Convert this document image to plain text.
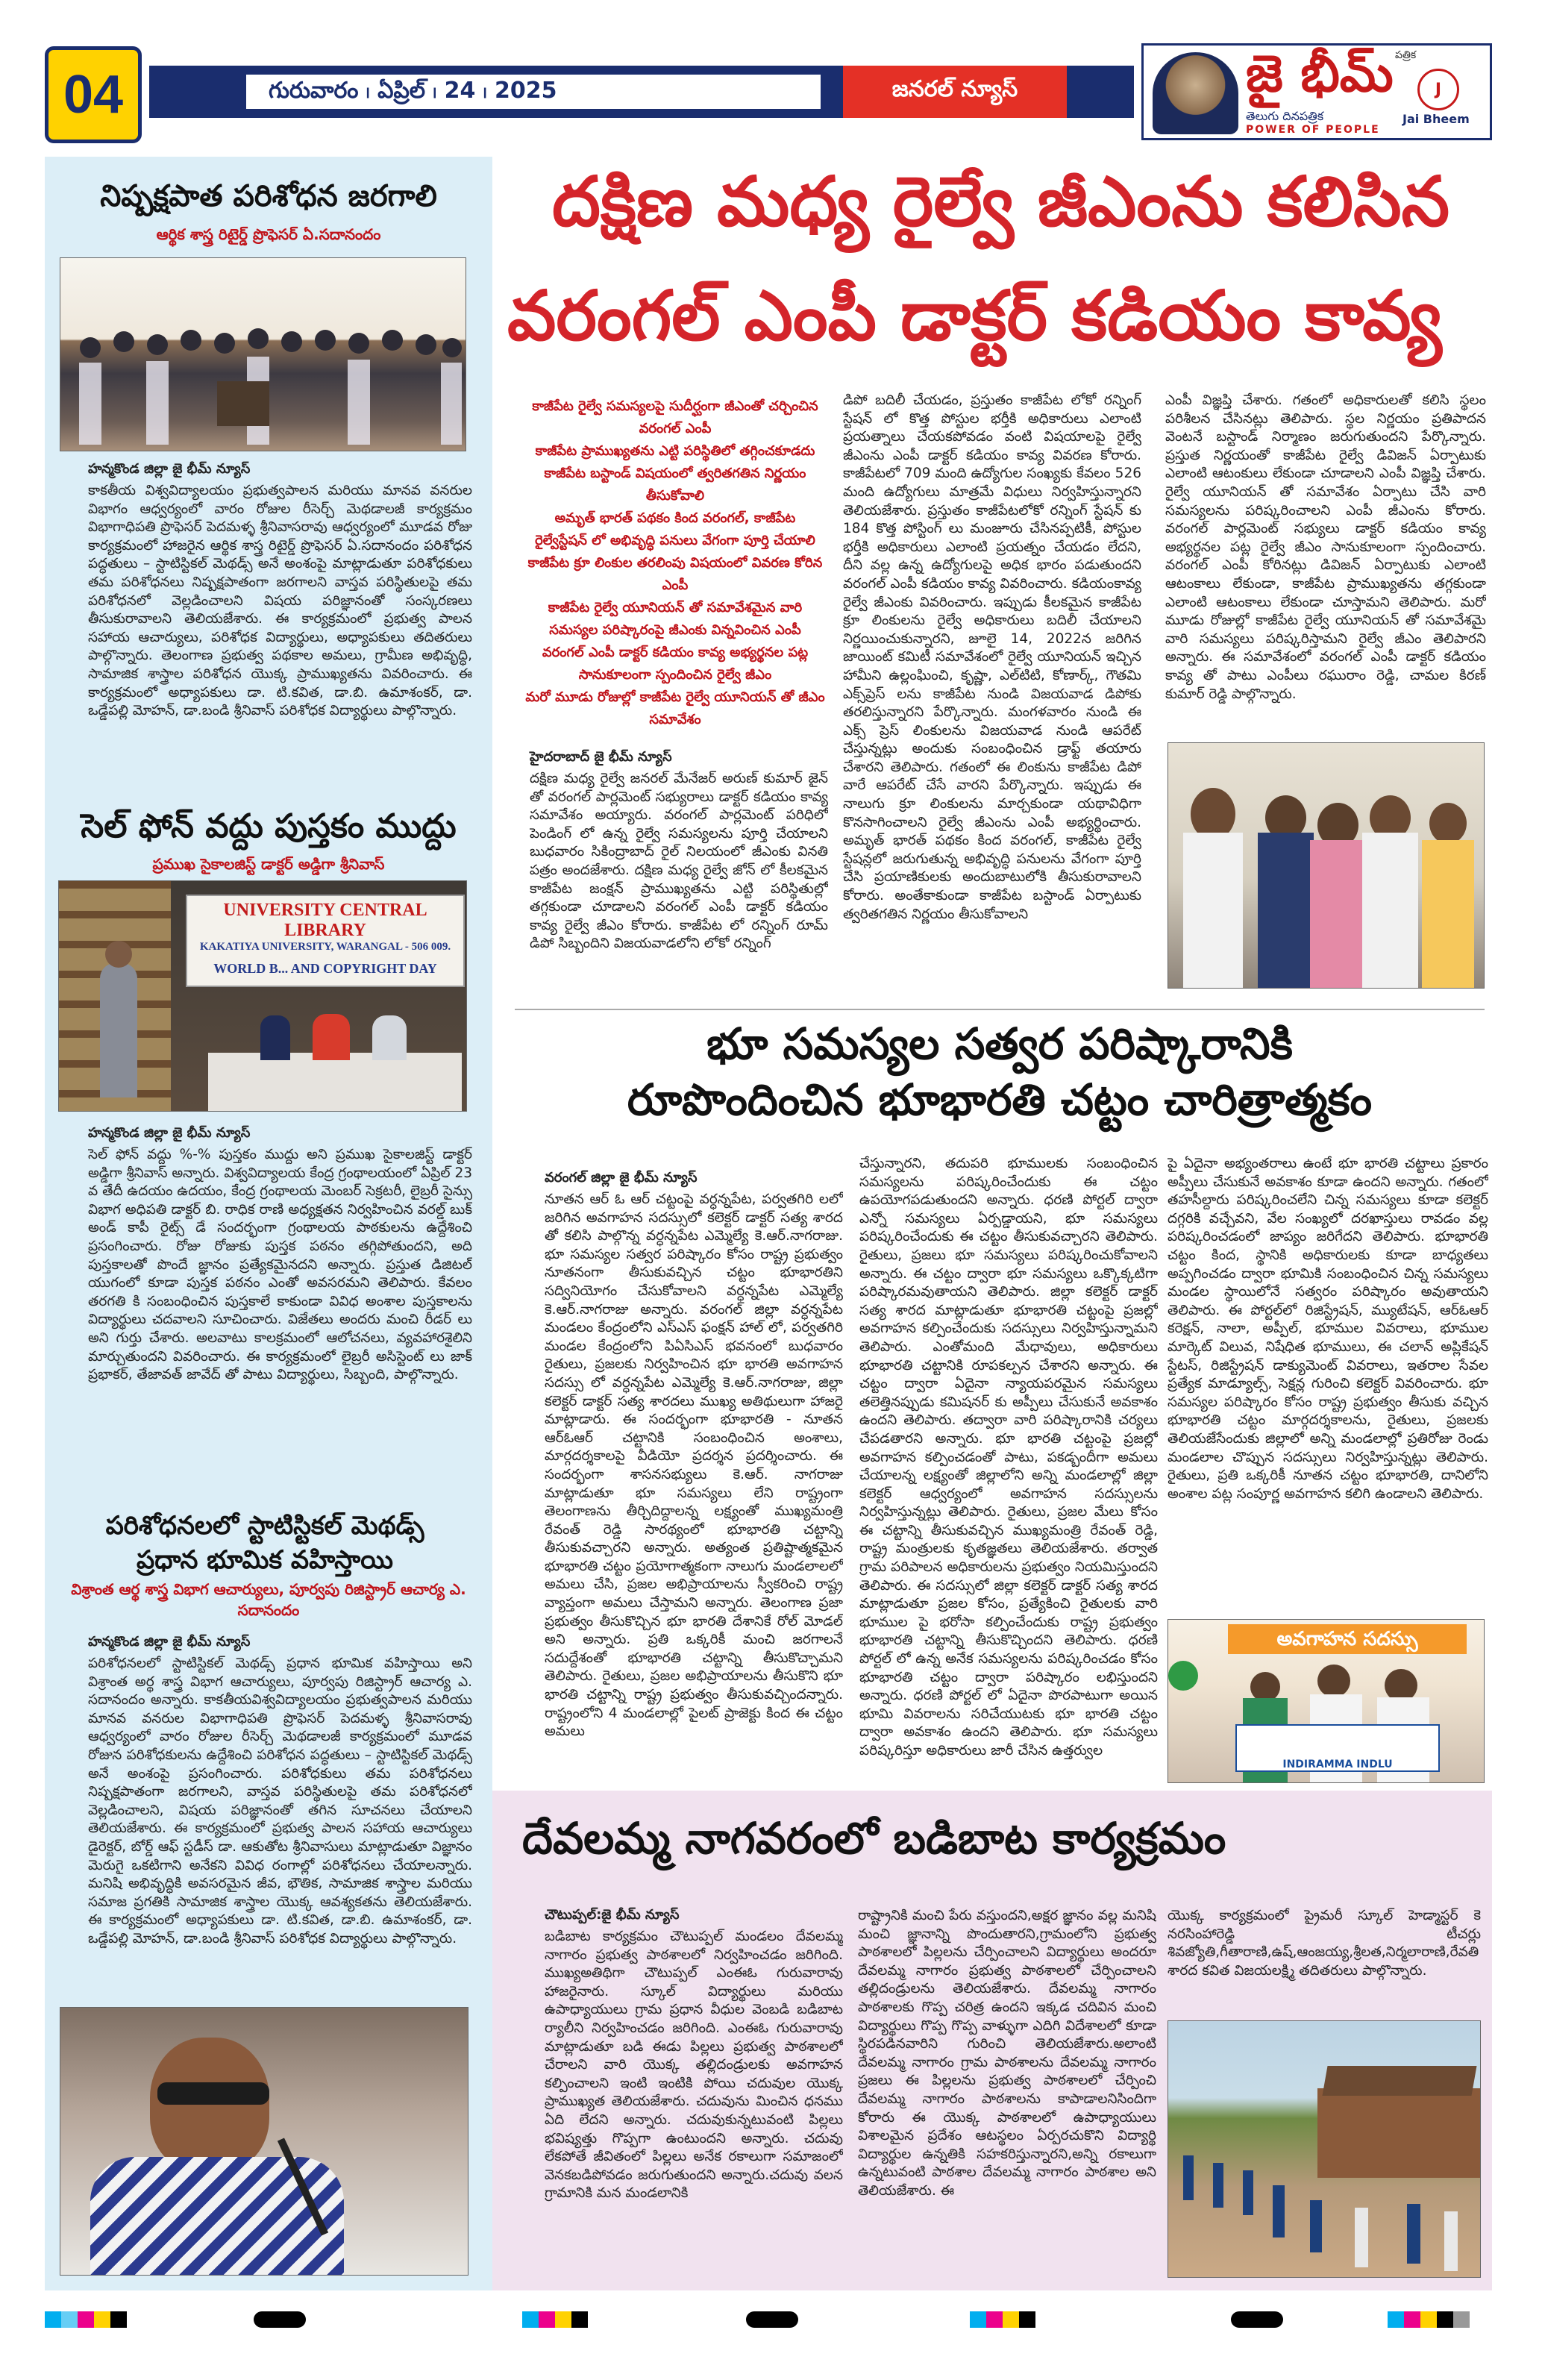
04	గురువారం ၊ ఏప్రిల్ ၊ 24 ၊ 2025	జనరల్ న్యూస్	జై భీమ్ పత్రిక
తెలుగు దినపత్రిక
POWER OF PEOPLE
J
Jai Bheem
నిష్పక్షపాత పరిశోధన జరగాలి
ఆర్థిక శాస్త్ర రిటైర్డ్ ప్రొఫెసర్ ఏ.సదానందం
హన్మకొండ జిల్లా జై భీమ్ న్యూస్
కాకతీయ విశ్వవిద్యాలయం ప్రభుత్వపాలన మరియు మానవ వనరుల విభాగం ఆధ్వర్యంలో వారం రోజుల రీసెర్చ్ మెథడాలజీ కార్యక్రమం విభాగాధిపతి ప్రొఫెసర్ పెదమళ్ళ శ్రీనివాసరావు ఆధ్వర్యంలో మూడవ రోజు కార్యక్రమంలో హాజరైన ఆర్థిక శాస్త్ర రిటైర్డ్ ప్రొఫెసర్ ఏ.సదానందం పరిశోధన పద్ధతులు – స్టాటిస్టికల్ మెథడ్స్ అనే అంశంపై మాట్లాడుతూ పరిశోధకులు తమ పరిశోధనలు నిష్పక్షపాతంగా జరగాలని వాస్తవ పరిస్థితులపై తమ పరిశోధనలో వెల్లడించాలని విషయ పరిజ్ఞానంతో సంస్కరణలు తీసుకురావాలని తెలియజేశారు. ఈ కార్యక్రమంలో ప్రభుత్వ పాలన సహాయ ఆచార్యులు, పరిశోధక విద్యార్థులు, అధ్యాపకులు తదితరులు పాల్గొన్నారు. తెలంగాణ ప్రభుత్వ పథకాల అమలు, గ్రామీణ అభివృద్ధి, సామాజిక శాస్త్రాల పరిశోధన యొక్క ప్రాముఖ్యతను వివరించారు. ఈ కార్యక్రమంలో అధ్యాపకులు డా. టి.కవిత, డా.బి. ఉమాశంకర్, డా. ఒడ్డేపల్లి మోహన్, డా.బండి శ్రీనివాస్ పరిశోధక విద్యార్థులు పాల్గొన్నారు.
సెల్ ఫోన్ వద్దు పుస్తకం ముద్దు
ప్రముఖ సైకాలజిస్ట్ డాక్టర్ అడ్డిగా శ్రీనివాస్
UNIVERSITY CENTRAL LIBRARY
KAKATIYA UNIVERSITY, WARANGAL - 506 009.
WORLD B... AND COPYRIGHT DAY
హన్మకొండ జిల్లా జై భీమ్ న్యూస్
సెల్ ఫోన్ వద్దు %-% పుస్తకం ముద్దు అని ప్రముఖ సైకాలజిస్ట్ డాక్టర్ అడ్డిగా శ్రీనివాస్ అన్నారు. విశ్వవిద్యాలయ కేంద్ర గ్రంథాలయంలో ఏప్రిల్ 23 వ తేదీ ఉదయం ఉదయం, కేంద్ర గ్రంథాలయ మెంబర్ సెక్రటరీ, లైబ్రరీ సైన్సు విభాగ అధిపతి డాక్టర్ బి. రాధిక రాణి అధ్యక్షతన నిర్వహించిన వరల్డ్ బుక్ అండ్ కాపీ రైట్స్ డే సందర్భంగా గ్రంథాలయ పాఠకులను ఉద్దేశించి ప్రసంగించారు. రోజు రోజుకు పుస్తక పఠనం తగ్గిపోతుందని, అది పుస్తకాలతో పొందే జ్ఞానం ప్రత్యేకమైనదని అన్నారు. ప్రస్తుత డిజిటల్ యుగంలో కూడా పుస్తక పఠనం ఎంతో అవసరమని తెలిపారు. కేవలం తరగతి కి సంబంధించిన పుస్తకాలే కాకుండా వివిధ అంశాల పుస్తకాలను విద్యార్థులు చదవాలని సూచించారు. విజేతలు అందరు మంచి రీడర్ లు అని గుర్తు చేశారు. అలవాటు కాలక్రమంలో ఆలోచనలు, వ్యవహారశైలిని మార్చుతుందని వివరించారు. ఈ కార్యక్రమంలో లైబ్రరీ అసిస్టెంట్ లు జాక్ ప్రభాకర్, తేజావత్ జావేద్ తో పాటు విద్యార్థులు, సిబ్బంది, పాల్గొన్నారు.
పరిశోధనలలో స్టాటిస్టికల్ మెథడ్స్ ప్రధాన భూమిక వహిస్తాయి
విశ్రాంత ఆర్థ శాస్త్ర విభాగ ఆచార్యులు, పూర్వపు రిజిస్ట్రార్ ఆచార్య ఎ. సదానందం
హన్మకొండ జిల్లా జై భీమ్ న్యూస్
పరిశోధనలలో స్టాటిస్టికల్ మెథడ్స్ ప్రధాన భూమిక వహిస్తాయి అని విశ్రాంత అర్థ శాస్త్ర విభాగ ఆచార్యులు, పూర్వపు రిజిస్ట్రార్ ఆచార్య ఎ. సదానందం అన్నారు. కాకతీయవిశ్వవిద్యాలయం ప్రభుత్వపాలన మరియు మానవ వనరుల విభాగాధిపతి ప్రొఫెసర్ పెదమళ్ళ శ్రీనివాసరావు ఆధ్వర్యంలో వారం రోజుల రీసెర్చ్ మెథడాలజీ కార్యక్రమంలో మూడవ రోజున పరిశోధకులను ఉద్దేశించి పరిశోధన పద్ధతులు – స్టాటిస్టికల్ మెథడ్స్ అనే అంశంపై ప్రసంగించారు. పరిశోధకులు తమ పరిశోధనలు నిష్పక్షపాతంగా జరగాలని, వాస్తవ పరిస్థితులపై తమ పరిశోధనలో వెల్లడించాలని, విషయ పరిజ్ఞానంతో తగిన సూచనలు చేయాలని తెలియజేశారు. ఈ కార్యక్రమంలో ప్రభుత్వ పాలన సహాయ ఆచార్యులు డైరెక్టర్, బోర్డ్ ఆఫ్ స్టడీస్ డా. ఆకుతోట శ్రీనివాసులు మాట్లాడుతూ విజ్ఞానం మెరుగై ఒకటిగాని అనేకని వివిధ రంగాల్లో పరిశోధనలు చేయాలన్నారు. మనిషి అభివృద్ధికి అవసరమైన జీవ, భౌతిక, సామాజిక శాస్త్రాల మరియు సమాజ ప్రగతికి సామాజిక శాస్త్రాల యొక్క ఆవశ్యకతను తెలియజేశారు. ఈ కార్యక్రమంలో అధ్యాపకులు డా. టి.కవిత, డా.బి. ఉమాశంకర్, డా. ఒడ్డేపల్లి మోహన్, డా.బండి శ్రీనివాస్ పరిశోధక విద్యార్థులు పాల్గొన్నారు.
దక్షిణ మధ్య రైల్వే జీఎంను కలిసిన
వరంగల్ ఎంపీ డాక్టర్ కడియం కావ్య
కాజీపేట రైల్వే సమస్యలపై సుదీర్ఘంగా జీఎంతో చర్చించిన వరంగల్ ఎంపీ
కాజీపేట ప్రాముఖ్యతను ఎట్టి పరిస్థితిలో తగ్గించకూడదు
కాజీపేట బస్టాండ్ విషయంలో త్వరితగతిన నిర్ణయం తీసుకోవాలి
అమృత్ భారత్ పథకం కింద వరంగల్, కాజీపేట
రైల్వేస్టేషన్ లో అభివృద్ధి పనులు వేగంగా పూర్తి చేయాలి
కాజీపేట క్రూ లింకుల తరలింపు విషయంలో వివరణ కోరిన ఎంపీ
కాజీపేట రైల్వే యూనియన్ తో సమావేశమైన వారి సమస్యల పరిష్కారంపై జీఎంకు విన్నవించిన ఎంపీ
వరంగల్ ఎంపీ డాక్టర్ కడియం కావ్య అభ్యర్థనల పట్ల సానుకూలంగా స్పందించిన రైల్వే జీఎం
మరో మూడు రోజుల్లో కాజీపేట రైల్వే యూనియన్ తో జీఎం సమావేశం
హైదరాబాద్ జై భీమ్ న్యూస్
దక్షిణ మధ్య రైల్వే జనరల్ మేనేజర్ అరుణ్ కుమార్ జైన్ తో వరంగల్ పార్లమెంట్ సభ్యురాలు డాక్టర్ కడియం కావ్య సమావేశం అయ్యారు. వరంగల్ పార్లమెంట్ పరిధిలో పెండింగ్ లో ఉన్న రైల్వే సమస్యలను పూర్తి చేయాలని బుధవారం సికింద్రాబాద్ రైల్ నిలయంలో జీఎంకు వినతి పత్రం అందజేశారు. దక్షిణ మధ్య రైల్వే జోన్ లో కీలకమైన కాజీపేట జంక్షన్ ప్రాముఖ్యతను ఎట్టి పరిస్థితుల్లో తగ్గకుండా చూడాలని వరంగల్ ఎంపీ డాక్టర్ కడియం కావ్య రైల్వే జీఎం కోరారు. కాజీపేట లో రన్నింగ్ రూమ్ డిపో సిబ్బందిని విజయవాడలోని లోకో రన్నింగ్
డిపో బదిలీ చేయడం, ప్రస్తుతం కాజీపేట లోకో రన్నింగ్ స్టేషన్ లో కొత్త పోస్టుల భర్తీకి అధికారులు ఎలాంటి ప్రయత్నాలు చేయకపోవడం వంటి విషయాలపై రైల్వే జీఎంను ఎంపీ డాక్టర్ కడియం కావ్య వివరణ కోరారు. కాజీపేటలో 709 మంది ఉద్యోగుల సంఖ్యకు కేవలం 526 మంది ఉద్యోగులు మాత్రమే విధులు నిర్వహిస్తున్నారని తెలియజేశారు. ప్రస్తుతం కాజీపేటలోకో రన్నింగ్ స్టేషన్ కు 184 కొత్త పోస్టింగ్ లు మంజూరు చేసినప్పటికీ, పోస్టుల భర్తీకి అధికారులు ఎలాంటి ప్రయత్నం చేయడం లేదని, దీని వల్ల ఉన్న ఉద్యోగులపై అధిక భారం పడుతుందని వరంగల్ ఎంపీ కడియం కావ్య వివరించారు. కడియంకావ్య రైల్వే జీఎంకు వివరించారు. ఇప్పుడు కీలకమైన కాజీపేట క్రూ లింకులను రైల్వే అధికారులు బదిలీ చేయాలని నిర్ణయించుకున్నారని, జూలై 14, 2022న జరిగిన జాయింట్ కమిటీ సమావేశంలో రైల్వే యూనియన్ ఇచ్చిన హామీని ఉల్లంఘించి, కృష్ణా, ఎల్‌టిటి, కోణార్క్, గౌతమి ఎక్స్‌ప్రెస్ లను కాజీపేట నుండి విజయవాడ డిపోకు తరలిస్తున్నారని పేర్కొన్నారు. మంగళవారం నుండి ఈ ఎక్స్ ప్రెస్ లింకులను విజయవాడ నుండి ఆపరేట్ చేస్తున్నట్లు అందుకు సంబంధించిన డ్రాఫ్ట్ తయారు చేశారని తెలిపారు. గతంలో ఈ లింకును కాజీపేట డిపో వారే ఆపరేట్ చేసే వారని పేర్కొన్నారు. ఇప్పుడు ఈ నాలుగు క్రూ లింకులను మార్చకుండా యథావిధిగా కొనసాగించాలని రైల్వే జీఎంను ఎంపీ అభ్యర్థించారు. అమృత్ భారత్ పథకం కింద వరంగల్, కాజీపేట రైల్వే స్టేషన్లలో జరుగుతున్న అభివృద్ధి పనులను వేగంగా పూర్తి చేసి ప్రయాణికులకు అందుబాటులోకి తీసుకురావాలని కోరారు. అంతేకాకుండా కాజీపేట బస్టాండ్ ఏర్పాటుకు త్వరితగతిన నిర్ణయం తీసుకోవాలని
ఎంపీ విజ్ఞప్తి చేశారు. గతంలో అధికారులతో కలిసి స్థలం పరిశీలన చేసినట్లు తెలిపారు. స్థల నిర్ణయం ప్రతిపాదన వెంటనే బస్టాండ్ నిర్మాణం జరుగుతుందని పేర్కొన్నారు. ప్రస్తుత నిర్ణయంతో కాజీపేట రైల్వే డివిజన్ ఏర్పాటుకు ఎలాంటి ఆటంకులు లేకుండా చూడాలని ఎంపీ విజ్ఞప్తి చేశారు. రైల్వే యూనియన్ తో సమావేశం ఏర్పాటు చేసి వారి సమస్యలను పరిష్కరించాలని ఎంపీ జీఎంను కోరారు. వరంగల్ పార్లమెంట్ సభ్యులు డాక్టర్ కడియం కావ్య అభ్యర్థనల పట్ల రైల్వే జీఎం సానుకూలంగా స్పందించారు. వరంగల్ ఎంపీ కోరినట్లు డివిజన్ ఏర్పాటుకు ఎలాంటి ఆటంకాలు లేకుండా, కాజీపేట ప్రాముఖ్యతను తగ్గకుండా ఎలాంటి ఆటంకాలు లేకుండా చూస్తామని తెలిపారు. మరో మూడు రోజుల్లో కాజీపేట రైల్వే యూనియన్ తో సమావేశమై వారి సమస్యలు పరిష్కరిస్తామని రైల్వే జీఎం తెలిపారని అన్నారు. ఈ సమావేశంలో వరంగల్ ఎంపీ డాక్టర్ కడియం కావ్య తో పాటు ఎంపీలు రఘురాం రెడ్డి, చామల కిరణ్ కుమార్ రెడ్డి పాల్గొన్నారు.
భూ సమస్యల సత్వర పరిష్కారానికి
రూపొందించిన భూభారతి చట్టం చారిత్రాత్మకం
వరంగల్ జిల్లా జై భీమ్ న్యూస్
నూతన ఆర్ ఓ ఆర్ చట్టంపై వర్ధన్నపేట, పర్వతగిరి లలో జరిగిన అవగాహన సదస్సులో కలెక్టర్ డాక్టర్ సత్య శారద తో కలిసి పాల్గొన్న వర్ధన్నపేట ఎమ్మెల్యే కె.ఆర్.నాగరాజు. భూ సమస్యల సత్వర పరిష్కారం కోసం రాష్ట్ర ప్రభుత్వం నూతనంగా తీసుకువచ్చిన చట్టం భూభారతిని సద్వినియోగం చేసుకోవాలని వర్ధన్నపేట ఎమ్మెల్యే కె.ఆర్.నాగరాజు అన్నారు. వరంగల్ జిల్లా వర్ధన్నపేట మండలం కేంద్రంలోని ఎస్ఎస్ ఫంక్షన్ హాల్ లో, పర్వతగిరి మండల కేంద్రంలోని పిఏసిఎస్ భవనంలో బుధవారం రైతులు, ప్రజలకు నిర్వహించిన భూ భారతి అవగాహన సదస్సు లో వర్ధన్నపేట ఎమ్మెల్యే కె.ఆర్.నాగరాజు, జిల్లా కలెక్టర్ డాక్టర్ సత్య శారదలు ముఖ్య అతిథులుగా హాజరై మాట్లాడారు. ఈ సందర్భంగా భూభారతి - నూతన ఆర్ఓఆర్ చట్టానికి సంబంధించిన అంశాలు, మార్గదర్శకాలపై వీడియో ప్రదర్శన ప్రదర్శించారు. ఈ సందర్భంగా శాసనసభ్యులు కె.ఆర్. నాగరాజు మాట్లాడుతూ భూ సమస్యలు లేని రాష్ట్రంగా తెలంగాణను తీర్చిదిద్దాలన్న లక్ష్యంతో ముఖ్యమంత్రి రేవంత్ రెడ్డి సారథ్యంలో భూభారతి చట్టాన్ని తీసుకువచ్చారని అన్నారు. అత్యంత ప్రతిష్టాత్మకమైన భూభారతి చట్టం ప్రయోగాత్మకంగా నాలుగు మండలాలలో అమలు చేసి, ప్రజల అభిప్రాయాలను స్వీకరించి రాష్ట్ర వ్యాప్తంగా అమలు చేస్తామని అన్నారు. తెలంగాణ ప్రజా ప్రభుత్వం తీసుకొచ్చిన భూ భారతి దేశానికే రోల్ మోడల్ అని అన్నారు. ప్రతి ఒక్కరికీ మంచి జరగాలనే సదుద్దేశంతో భూభారతి చట్టాన్ని తీసుకొచ్చామని తెలిపారు. రైతులు, ప్రజల అభిప్రాయాలను తీసుకొని భూ భారతి చట్టాన్ని రాష్ట్ర ప్రభుత్వం తీసుకువచ్చిందన్నారు. రాష్ట్రంలోని 4 మండలాల్లో పైలట్ ప్రాజెక్టు కింద ఈ చట్టం అమలు
చేస్తున్నారని, తదుపరి భూములకు సంబంధించిన సమస్యలను పరిష్కరించేందుకు ఈ చట్టం ఉపయోగపడుతుందని అన్నారు. ధరణి పోర్టల్ ద్వారా ఎన్నో సమస్యలు ఏర్పడ్డాయని, భూ సమస్యలు పరిష్కరించేందుకు ఈ చట్టం తీసుకువచ్చారని తెలిపారు. రైతులు, ప్రజలు భూ సమస్యలు పరిష్కరించుకోవాలని అన్నారు. ఈ చట్టం ద్వారా భూ సమస్యలు ఒక్కొక్కటిగా పరిష్కారమవుతాయని తెలిపారు. జిల్లా కలెక్టర్ డాక్టర్ సత్య శారద మాట్లాడుతూ భూభారతి చట్టంపై ప్రజల్లో అవగాహన కల్పించేందుకు సదస్సులు నిర్వహిస్తున్నామని తెలిపారు. ఎంతోమంది మేధావులు, అధికారులు భూభారతి చట్టానికి రూపకల్పన చేశారని అన్నారు. ఈ చట్టం ద్వారా ఏదైనా న్యాయపరమైన సమస్యలు తలెత్తినప్పుడు కమిషనర్ కు అప్పీలు చేసుకునే అవకాశం ఉందని తెలిపారు. తద్వారా వారి పరిష్కారానికి చర్యలు చేపడతారని అన్నారు. భూ భారతి చట్టంపై ప్రజల్లో అవగాహన కల్పించడంతో పాటు, పకడ్బందీగా అమలు చేయాలన్న లక్ష్యంతో జిల్లాలోని అన్ని మండలాల్లో జిల్లా కలెక్టర్ ఆధ్వర్యంలో అవగాహన సదస్సులను నిర్వహిస్తున్నట్లు తెలిపారు. రైతులు, ప్రజల మేలు కోసం ఈ చట్టాన్ని తీసుకువచ్చిన ముఖ్యమంత్రి రేవంత్ రెడ్డి, రాష్ట్ర మంత్రులకు కృతజ్ఞతలు తెలియజేశారు. తర్వాత గ్రామ పరిపాలన అధికారులను ప్రభుత్వం నియమిస్తుందని తెలిపారు. ఈ సదస్సులో జిల్లా కలెక్టర్ డాక్టర్ సత్య శారద మాట్లాడుతూ ప్రజల కోసం, ప్రత్యేకించి రైతులకు వారి భూముల పై భరోసా కల్పించేందుకు రాష్ట్ర ప్రభుత్వం భూభారతి చట్టాన్ని తీసుకొచ్చిందని తెలిపారు. ధరణి పోర్టల్ లో ఉన్న అనేక సమస్యలను పరిష్కరించడం కోసం భూభారతి చట్టం ద్వారా పరిష్కారం లభిస్తుందని అన్నారు. ధరణి పోర్టల్ లో ఏదైనా పొరపాటుగా అయిన భూమి వివరాలను సరిచేయుటకు భూ భారతి చట్టం ద్వారా అవకాశం ఉందని తెలిపారు. భూ సమస్యలు పరిష్కరిస్తూ అధికారులు జారీ చేసిన ఉత్తర్వుల
పై ఏదైనా అభ్యంతరాలు ఉంటే భూ భారతి చట్టాలు ప్రకారం అప్పీలు చేసుకునే అవకాశం కూడా ఉందని అన్నారు. గతంలో తహసీల్దారు పరిష్కరించలేని చిన్న సమస్యలు కూడా కలెక్టర్ దగ్గరికి వచ్చేవని, వేల సంఖ్యలో దరఖాస్తులు రావడం వల్ల పరిష్కరించడంలో జాప్యం జరిగేదని తెలిపారు. భూభారతి చట్టం కింద, స్థానికి అధికారులకు కూడా బాధ్యతలు అప్పగించడం ద్వారా భూమికి సంబంధించిన చిన్న సమస్యలు మండల స్థాయిలోనే సత్వరం పరిష్కారం అవుతాయని తెలిపారు. ఈ పోర్టల్‌లో రిజిస్ట్రేషన్, మ్యుటేషన్, ఆర్ఓఆర్ కరెక్షన్, నాలా, అప్పీల్, భూముల వివరాలు, భూముల మార్కెట్ విలువ, నిషేధిత భూములు, ఈ చలాన్ అప్లికేషన్ స్టేటస్, రిజిస్ట్రేషన్ డాక్యుమెంట్ వివరాలు, ఇతరాల సేవల ప్రత్యేక మాడ్యూల్స్, సెక్షన్ల గురించి కలెక్టర్ వివరించారు. భూ సమస్యల పరిష్కారం కోసం రాష్ట్ర ప్రభుత్వం తీసుకు వచ్చిన భూభారతి చట్టం మార్గదర్శకాలను, రైతులు, ప్రజలకు తెలియజేసేందుకు జిల్లాలో అన్ని మండలాల్లో ప్రతిరోజు రెండు మండలాల చొప్పున సదస్సులు నిర్వహిస్తున్నట్లు తెలిపారు. రైతులు, ప్రతి ఒక్కరికీ నూతన చట్టం భూభారతి, దానిలోని అంశాల పట్ల సంపూర్ణ అవగాహన కలిగి ఉండాలని తెలిపారు.
అవగాహన సదస్సు
INDIRAMMA INDLU
దేవలమ్మ నాగవరంలో బడిబాట కార్యక్రమం
చౌటుప్పల్:జై భీమ్ న్యూస్
బడిబాట కార్యక్రమం చౌటుప్పల్ మండలం దేవలమ్మ నాగారం ప్రభుత్వ పాఠశాలలో నిర్వహించడం జరిగింది. ముఖ్యఅతిథిగా చౌటుప్పల్ ఎంఈఓ గురువారావు హాజరైనారు. స్కూల్ విద్యార్థులు మరియు ఉపాధ్యాయులు గ్రామ ప్రధాన వీధుల వెంబడి బడిబాట ర్యాలీని నిర్వహించడం జరిగింది. ఎంఈఓ గురువారావు మాట్లాడుతూ బడి ఈడు పిల్లలు ప్రభుత్వ పాఠశాలలో చేరాలని వారి యొక్క తల్లిదండ్రులకు అవగాహన కల్పించాలని ఇంటి ఇంటికి పోయి చదువుల యొక్క ప్రాముఖ్యత తెలియజేశారు. చదువును మించిన ధనము ఏది లేదని అన్నారు. చదువుకున్నటువంటి పిల్లలు భవిష్యత్తు గొప్పగా ఉంటుందని అన్నారు. చదువు లేకపోతే జీవితంలో పిల్లలు అనేక రకాలుగా సమాజంలో వెనకబడిపోవడం జరుగుతుందని అన్నారు.చదువు వలన గ్రామానికి మన మండలానికి
రాష్ట్రానికి మంచి పేరు వస్తుందని,అక్షర జ్ఞానం వల్ల మనిషి మంచి జ్ఞానాన్ని పొందుతారని,గ్రామంలోని ప్రభుత్వ పాఠశాలలో పిల్లలను చేర్పించాలని విద్యార్థులు అందరూ దేవలమ్మ నాగారం ప్రభుత్వ పాఠశాలలో చేర్పించాలని తల్లిదండ్రులను తెలియజేశారు. దేవలమ్మ నాగారం పాఠశాలకు గొప్ప చరిత్ర ఉందని ఇక్కడ చదివిన మంచి విద్యార్థులు గొప్ప గొప్ప వాళ్ళుగా ఎదిగి విదేశాలలో కూడా స్థిరపడినవారిని గురించి తెలియజేశారు.అలాంటి దేవలమ్మ నాగారం గ్రామ పాఠశాలను దేవలమ్మ నాగారం ప్రజలు ఈ పిల్లలను ప్రభుత్వ పాఠశాలలో చేర్పించి దేవలమ్మ నాగారం పాఠశాలను కాపాడాలనిసిందిగా కోరారు ఈ యొక్క పాఠశాలలో ఉపాధ్యాయులు విశాలమైన ప్రదేశం ఆటస్థలం ఏర్పరచుకొని విద్యార్థి విద్యార్థుల ఉన్నతికి సహకరిస్తున్నారని,అన్ని రకాలుగా ఉన్నటువంటి పాఠశాల దేవలమ్మ నాగారం పాఠశాల అని తెలియజేశారు. ఈ
యొక్క కార్యక్రమంలో ప్రైమరీ స్కూల్ హెడ్మాస్టర్ కె నరసింహారెడ్డి టీచర్లు శివజ్యోతి,గీతారాణి,ఉష్,ఆంజయ్య,శ్రీలత,నిర్మలారాణి,రేవతి శారద కవిత విజయలక్ష్మి తదితరులు పాల్గొన్నారు.
